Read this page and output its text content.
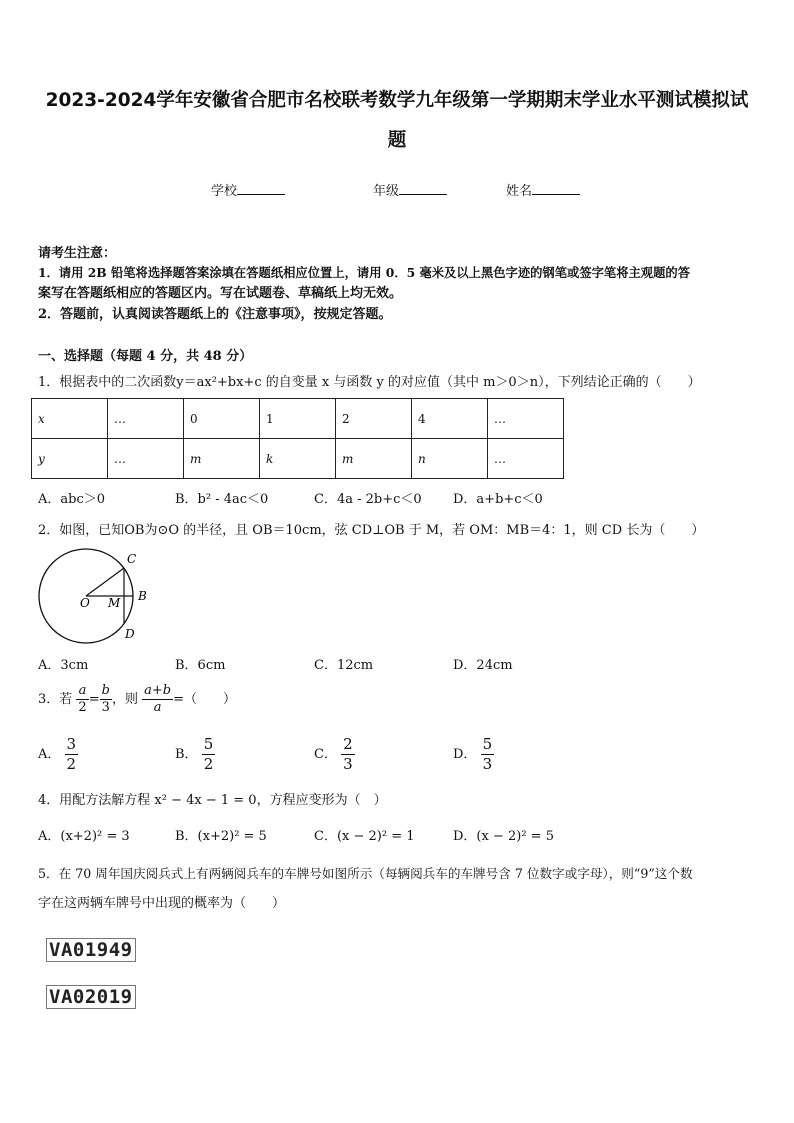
2023-2024学年安徽省合肥市名校联考数学九年级第一学期期末学业水平测试模拟试
题
学校	年级	姓名
请考生注意：
1．请用 2B 铅笔将选择题答案涂填在答题纸相应位置上，请用 0．5 毫米及以上黑色字迹的钢笔或签字笔将主观题的答
案写在答题纸相应的答题区内。写在试题卷、草稿纸上均无效。
2．答题前，认真阅读答题纸上的《注意事项》，按规定答题。
一、选择题（每题 4 分，共 48 分）
1．根据表中的二次函数y＝ax²+bx+c 的自变量 x 与函数 y 的对应值（其中 m＞0＞n），下列结论正确的（　　）
x	…	0	1	2	4	…
y	…	m	k	m	n	…
A．abc＞0	B．b² - 4ac＜0	C．4a - 2b+c＜0 D．a+b+c＜0
2．如图，已知OB为⊙O 的半径，且 OB＝10cm，弦 CD⊥OB 于 M，若 OM：MB＝4：1，则 CD 长为（　　）
O M B
C
D
A．3cm	B．6cm	C．12cm	D．24cm
3．若 $\frac{a}{2} = \frac{b}{3}$ ，则 $\frac{a+b}{a}$ =（　　）
A． $\frac{3}{2}$	B． $\frac{5}{2}$	C． $\frac{2}{3}$	D． $\frac{5}{3}$
4．用配方法解方程 x² − 4x − 1 = 0，方程应变形为（　）
A．(x+2)² = 3	B．(x+2)² = 5	C．(x − 2)² = 1	D．(x − 2)² = 5
5．在 70 周年国庆阅兵式上有两辆阅兵车的车牌号如图所示（每辆阅兵车的车牌号含 7 位数字或字母），则“9”这个数
字在这两辆车牌号中出现的概率为（　　）
VA01949
VA02019
